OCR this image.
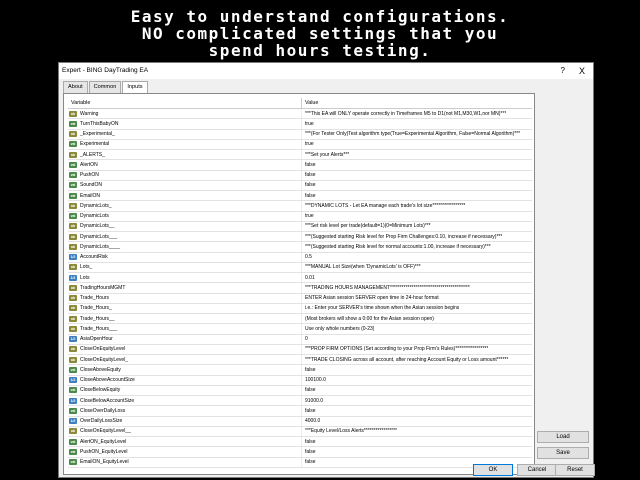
Easy to understand configurations.
NO complicated settings that you
spend hours testing.
Expert - BING DayTrading EA	? X
About	Common	Inputs
Variable	Value
ab	Warning	***This EA will ONLY operate correctly in Timeframes M5 to D1(not M1,M30,W1,nor MN)***
val TurnThisBabyON	true
ab	_Experimental_	***(For Tester Only)Test algorithm type(True=Experimental Algorithm, False=Normal Algorithm)***
val Experimental	true
ab	_ALERTS_	***Set your Alerts***
val AlertON	false
val PushON	false
val SoundON	false
val EmailON	false
ab	DynamicLots_	***DYNAMIC LOTS - Let EA manage each trade's lot size*****************
val DynamicLots	true
ab	DynamicLots__	***Set risk level per trade(default=1)(0=Minimum Lots)***
ab	DynamicLots___	***(Suggested starting Risk level for Prop Firm Challenges:0.10, increase if necessary)***
ab	DynamicLots____	***(Suggested starting Risk level for normal accounts:1.00, increase if necessary)***
1/2 AccountRisk	0.5
ab	Lots_	***MANUAL Lot Size(when 'DynamicLots' is OFF)***
1/2 Lots	0.01
ab	TradingHoursMGMT	***TRADING HOURS MANAGEMENT*****************************************
ab	Trade_Hours	ENTER Asian session SERVER open time in 24-hour format
ab	Trade_Hours_	i.e.: Enter your SERVER's time shown when the Asian session begins
ab	Trade_Hours__	(Most brokers will show a 0:00 for the Asian session open)
ab	Trade_Hours___	Use only whole numbers (0-23)
1/2 AsiaOpenHour	0
ab	CloseOnEquityLevel	***PROP FIRM OPTIONS (Set according to your Prop Firm's Rules)*****************
ab	CloseOnEquityLevel_	***TRADE CLOSING across all account, after reaching Account Equity or Loss amount******
val CloseAboveEquity	false
1/2 CloseAboveAccountSize	100100.0
val CloseBelowEquity	false
1/2 CloseBelowAccountSize	91000.0
val CloseOverDailyLoss	false
1/2 OverDailyLossSize	4000.0
ab	CloseOnEquityLevel__	***Equity Level/Loss Alerts*****************
val AlertON_EquityLevel	false
val PushON_EquityLevel	false
val EmailON_EquityLevel	false
Load
Save
OK	Cancel	Reset
